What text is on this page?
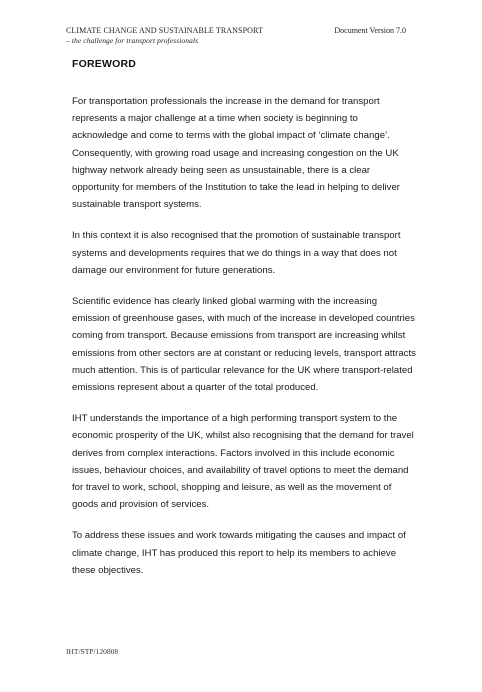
CLIMATE CHANGE AND SUSTAINABLE TRANSPORT
– the challenge for transport professionals
Document Version 7.0
FOREWORD

For transportation professionals the increase in the demand for transport represents a major challenge at a time when society is beginning to acknowledge and come to terms with the global impact of ‘climate change’. Consequently, with growing road usage and increasing congestion on the UK highway network already being seen as unsustainable, there is a clear opportunity for members of the Institution to take the lead in helping to deliver sustainable transport systems.

In this context it is also recognised that the promotion of sustainable transport systems and developments requires that we do things in a way that does not damage our environment for future generations.

Scientific evidence has clearly linked global warming with the increasing emission of greenhouse gases, with much of the increase in developed countries coming from transport. Because emissions from transport are increasing whilst emissions from other sectors are at constant or reducing levels, transport attracts much attention. This is of particular relevance for the UK where transport-related emissions represent about a quarter of the total produced.

IHT understands the importance of a high performing transport system to the economic prosperity of the UK, whilst also recognising that the demand for travel derives from complex interactions. Factors involved in this include economic issues, behaviour choices, and availability of travel options to meet the demand for travel to work, school, shopping and leisure, as well as the movement of goods and provision of services.

To address these issues and work towards mitigating the causes and impact of climate change, IHT has produced this report to help its members to achieve these objectives.

IHT/STP/120808
